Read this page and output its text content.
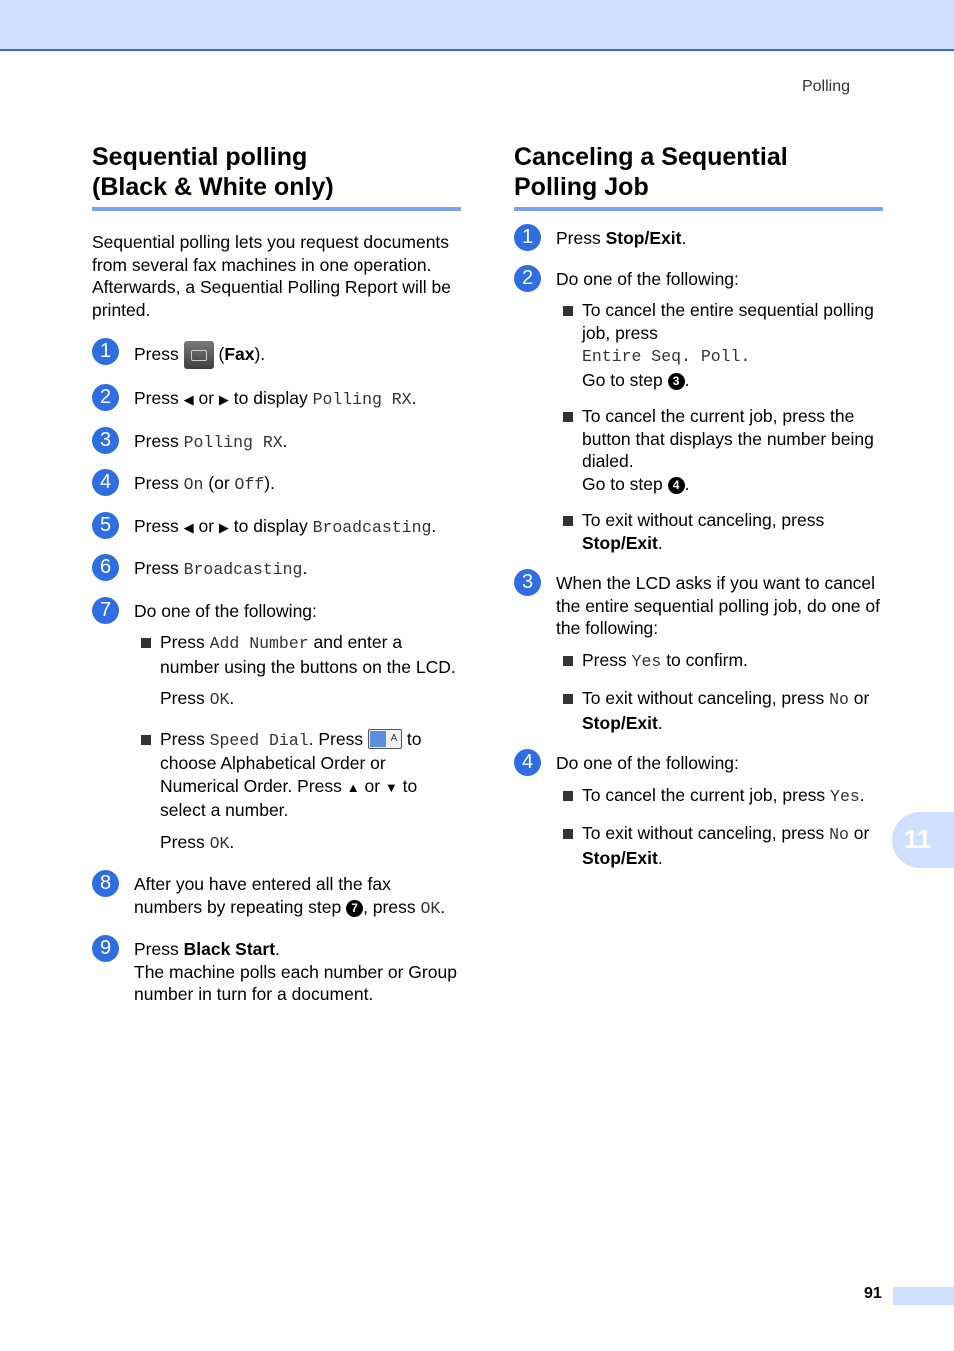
Polling
Sequential polling
(Black & White only)
Sequential polling lets you request documents from several fax machines in one operation. Afterwards, a Sequential Polling Report will be printed.
1	Press
(Fax).
2	Press ◀ or ▶ to display Polling RX.
3	Press Polling RX.
4	Press On (or Off).
5	Press ◀ or ▶ to display Broadcasting.
6	Press Broadcasting.
7	Do one of the following:
Press Add Number and enter a number using the buttons on the LCD.
Press OK.
Press Speed Dial. Press A to choose Alphabetical Order or Numerical Order. Press ▲ or ▼ to select a number.
Press OK.
8	After you have entered all the fax numbers by repeating step 7 , press OK.
9	Press Black Start.
The machine polls each number or Group number in turn for a document.
Canceling a Sequential
Polling Job
1	Press Stop/Exit.
2	Do one of the following:
To cancel the entire sequential polling job, press
Entire Seq. Poll.
Go to step 3 .
To cancel the current job, press the button that displays the number being dialed.
Go to step 4 .
To exit without canceling, press Stop/Exit.
3	When the LCD asks if you want to cancel the entire sequential polling job, do one of the following:
Press Yes to confirm.
To exit without canceling, press No or Stop/Exit.
4	Do one of the following:
To cancel the current job, press Yes.
To exit without canceling, press No or Stop/Exit.
11
91
